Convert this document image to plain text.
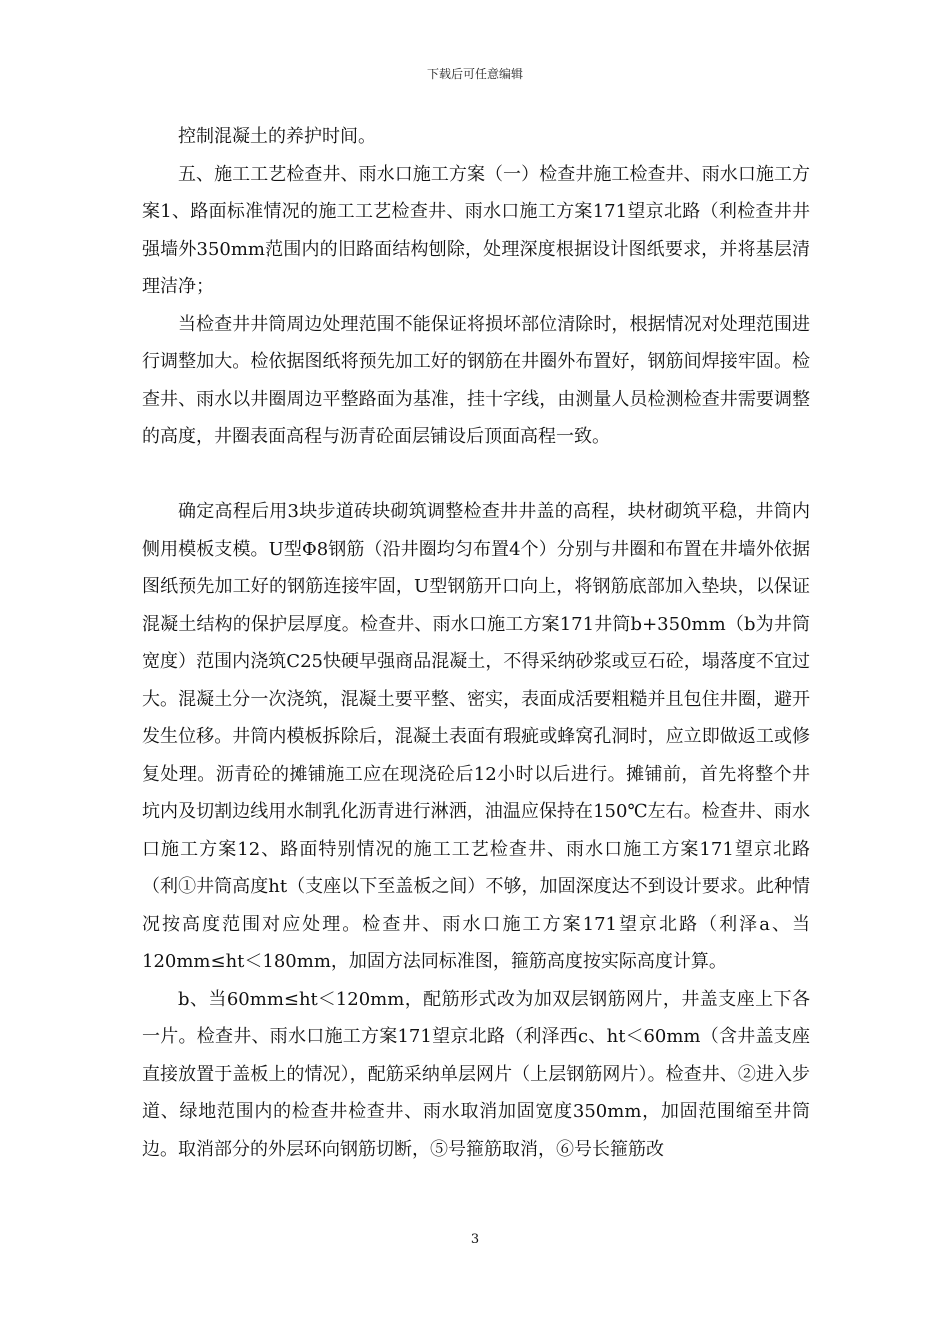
下载后可任意编辑

控制混凝土的养护时间。

五、施工工艺检查井、雨水口施工方案（一）检查井施工检查井、雨水口施工方案1、路面标准情况的施工工艺检查井、雨水口施工方案171望京北路（利检查井井强墙外350mm范围内的旧路面结构刨除，处理深度根据设计图纸要求，并将基层清理洁净；

当检查井井筒周边处理范围不能保证将损坏部位清除时，根据情况对处理范围进行调整加大。检依据图纸将预先加工好的钢筋在井圈外布置好，钢筋间焊接牢固。检查井、雨水以井圈周边平整路面为基准，挂十字线，由测量人员检测检查井需要调整的高度，井圈表面高程与沥青砼面层铺设后顶面高程一致。

确定高程后用3块步道砖块砌筑调整检查井井盖的高程，块材砌筑平稳，井筒内侧用模板支模。U型Φ8钢筋（沿井圈均匀布置4个）分别与井圈和布置在井墙外依据图纸预先加工好的钢筋连接牢固，U型钢筋开口向上，将钢筋底部加入垫块，以保证混凝土结构的保护层厚度。检查井、雨水口施工方案171井筒b+350mm（b为井筒宽度）范围内浇筑C25快硬早强商品混凝土，不得采纳砂浆或豆石砼，塌落度不宜过大。混凝土分一次浇筑，混凝土要平整、密实，表面成活要粗糙并且包住井圈，避开发生位移。井筒内模板拆除后，混凝土表面有瑕疵或蜂窝孔洞时，应立即做返工或修复处理。沥青砼的摊铺施工应在现浇砼后12小时以后进行。摊铺前，首先将整个井坑内及切割边线用水制乳化沥青进行淋洒，油温应保持在150℃左右。检查井、雨水口施工方案12、路面特别情况的施工工艺检查井、雨水口施工方案171望京北路（利①井筒高度ht（支座以下至盖板之间）不够，加固深度达不到设计要求。此种情况按高度范围对应处理。检查井、雨水口施工方案171望京北路（利泽a、当120mm≤ht＜180mm，加固方法同标准图，箍筋高度按实际高度计算。

b、当60mm≤ht＜120mm，配筋形式改为加双层钢筋网片，井盖支座上下各一片。检查井、雨水口施工方案171望京北路（利泽西c、ht＜60mm（含井盖支座直接放置于盖板上的情况），配筋采纳单层网片（上层钢筋网片）。检查井、②进入步道、绿地范围内的检查井检查井、雨水取消加固宽度350mm，加固范围缩至井筒边。取消部分的外层环向钢筋切断，⑤号箍筋取消，⑥号长箍筋改

3
